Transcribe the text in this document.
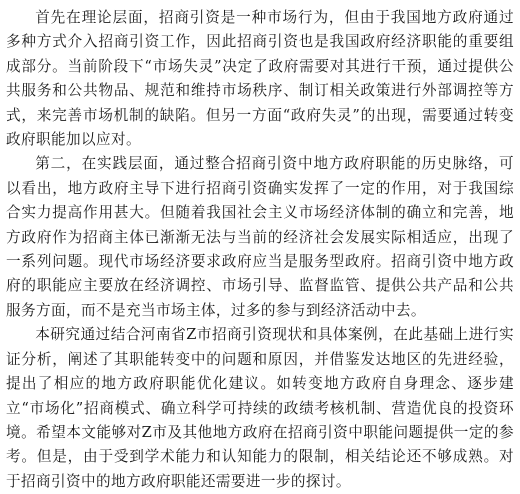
首先在理论层面，招商引资是一种市场行为，但由于我国地方政府通过多种方式介入招商引资工作，因此招商引资也是我国政府经济职能的重要组成部分。当前阶段下“市场失灵”决定了政府需要对其进行干预，通过提供公共服务和公共物品、规范和维持市场秩序、制订相关政策进行外部调控等方式，来完善市场机制的缺陷。但另一方面“政府失灵”的出现，需要通过转变政府职能加以应对。

第二，在实践层面，通过整合招商引资中地方政府职能的历史脉络，可以看出，地方政府主导下进行招商引资确实发挥了一定的作用，对于我国综合实力提高作用甚大。但随着我国社会主义市场经济体制的确立和完善，地方政府作为招商主体已渐渐无法与当前的经济社会发展实际相适应，出现了一系列问题。现代市场经济要求政府应当是服务型政府。招商引资中地方政府的职能应主要放在经济调控、市场引导、监督监管、提供公共产品和公共服务方面，而不是充当市场主体，过多的参与到经济活动中去。

本研究通过结合河南省Z市招商引资现状和具体案例，在此基础上进行实证分析，阐述了其职能转变中的问题和原因，并借鉴发达地区的先进经验，提出了相应的地方政府职能优化建议。如转变地方政府自身理念、逐步建立“市场化”招商模式、确立科学可持续的政绩考核机制、营造优良的投资环境。希望本文能够对Z市及其他地方政府在招商引资中职能问题提供一定的参考。但是，由于受到学术能力和认知能力的限制，相关结论还不够成熟。对于招商引资中的地方政府职能还需要进一步的探讨。
